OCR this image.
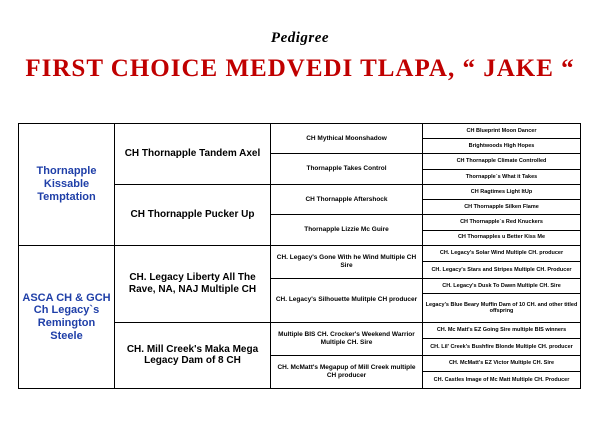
Pedigree
FIRST CHOICE MEDVEDI TLAPA, “ JAKE “
Thornapple Kissable Temptation	CH Thornapple Tandem Axel	CH Mythical Moonshadow	CH Blueprint Moon Dancer
			Brightwoods High Hopes
		Thornapple Takes Control	CH Thornapple Climate Controlled
			Thornapple`s What it Takes
	CH Thornapple Pucker Up	CH Thornapple Aftershock	CH Ragtimes Light ItUp
			CH Thornapple Silken Flame
		Thornapple Lizzie Mc Guire	CH Thornapple`s Red Knuckers
			CH Thornapples u Better Kiss Me
ASCA CH & GCH Ch Legacy`s Remington Steele	CH. Legacy Liberty All The Rave, NA, NAJ Multiple CH	CH. Legacy's Gone With he Wind Multiple CH Sire	CH. Legacy's Solar Wind Multiple CH. producer
			CH. Legacy's Stars and Stripes Multiple CH. Producer
		CH. Legacy's Silhouette Mulitple CH producer	CH. Legacy's Dusk To Dawn Multiple CH. Sire
			Legacy's Blue Beary Muffin Dam of 10 CH. and other titled offspring
	CH. Mill Creek's Maka Mega Legacy Dam of 8 CH	Multiple BIS CH. Crocker's Weekend Warrior Multiple CH. Sire	CH. Mc Matt's EZ Going Sire multiple BIS winners
			CH. Lil' Creek's Bushfire Blonde Multiple CH. producer
		CH. McMatt's Megapup of Mill Creek multiple CH producer	CH. McMatt's EZ Victor Multiple CH. Sire
			CH. Castles Image of Mc Matt Multiple CH. Producer
